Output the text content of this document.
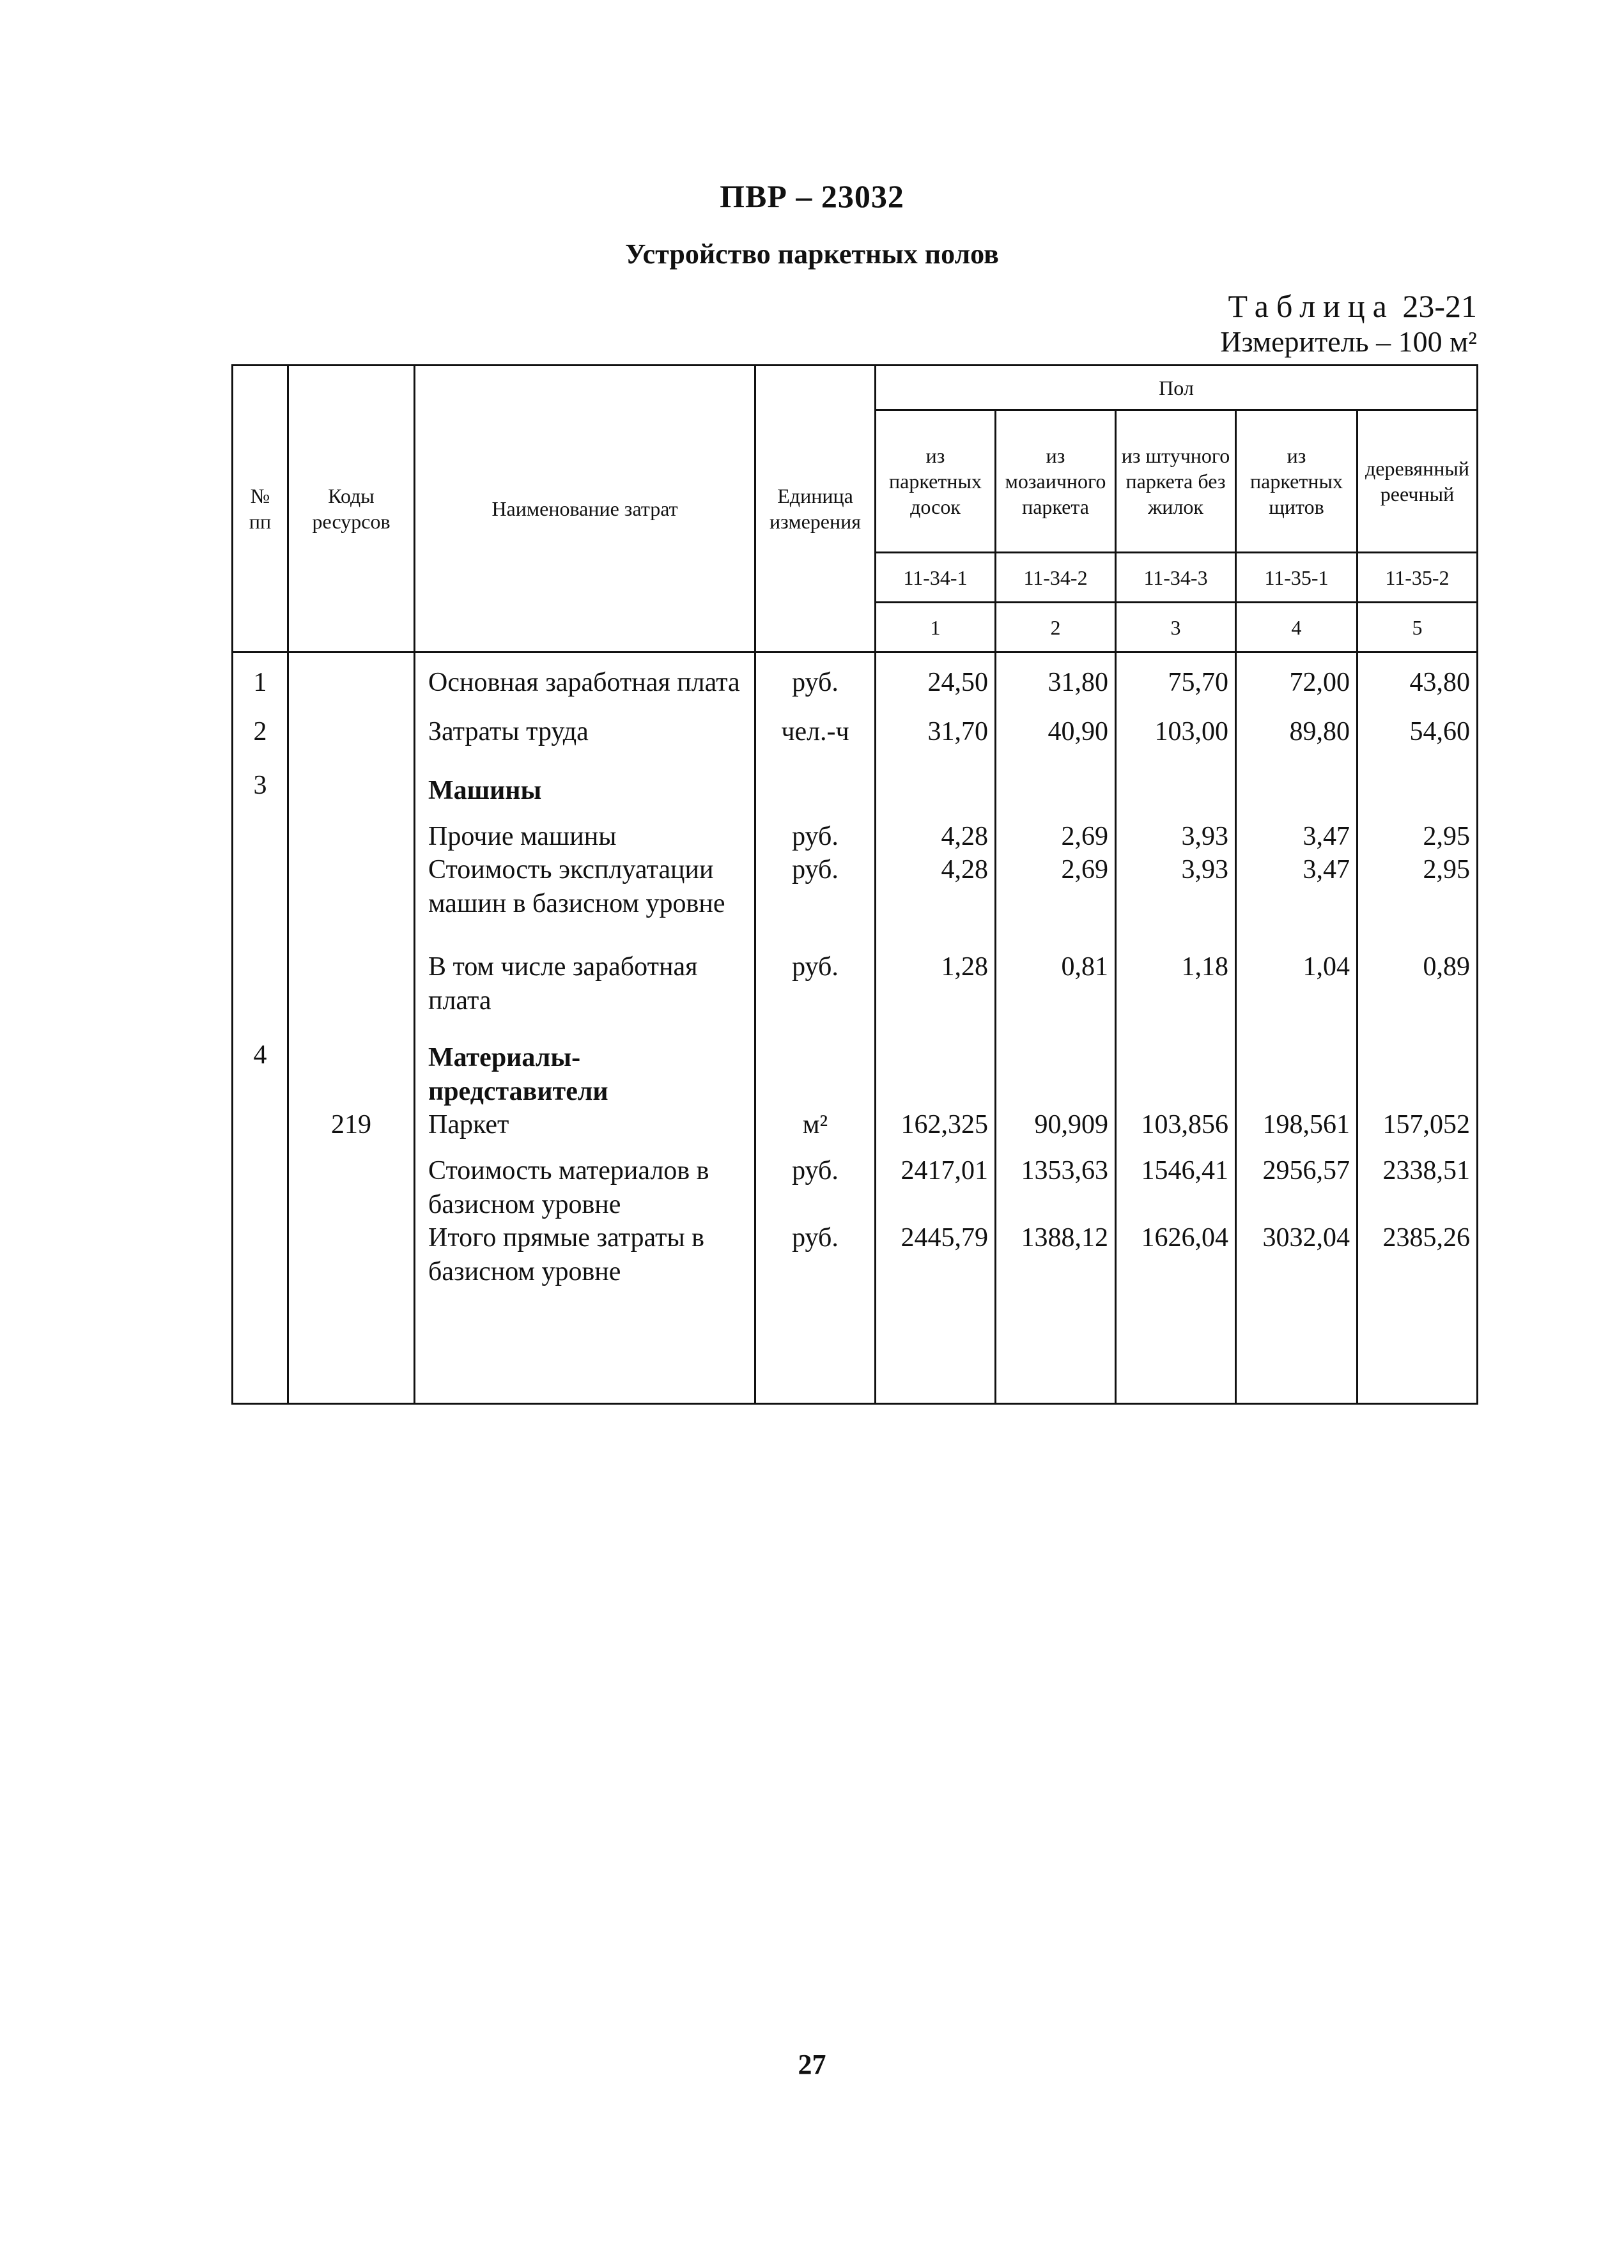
ПВР – 23032
Устройство паркетных полов
Таблица 23-21
Измеритель – 100 м²
№ пп	Коды ресурсов	Наименование затрат	Единица измерения	Пол				
				из паркетных досок	из мозаичного паркета	из штучного паркета без жилок	из паркетных щитов	деревянный реечный
				11-34-1	11-34-2	11-34-3	11-35-1	11-35-2
				1	2	3	4	5
1		Основная заработная плата	руб.	24,50	31,80	75,70	72,00	43,80
2		Затраты труда	чел.-ч	31,70	40,90	103,00	89,80	54,60
3		Машины						
		Прочие машины	руб.	4,28	2,69	3,93	3,47	2,95
		Стоимость эксплуатации машин в базисном уровне	руб.	4,28	2,69	3,93	3,47	2,95
		В том числе заработная плата	руб.	1,28	0,81	1,18	1,04	0,89
4		Материалы-представители						
	219	Паркет	м²	162,325	90,909	103,856	198,561	157,052
		Стоимость материалов в базисном уровне	руб.	2417,01	1353,63	1546,41	2956,57	2338,51
		Итого прямые затраты в базисном уровне	руб.	2445,79	1388,12	1626,04	3032,04	2385,26
27
